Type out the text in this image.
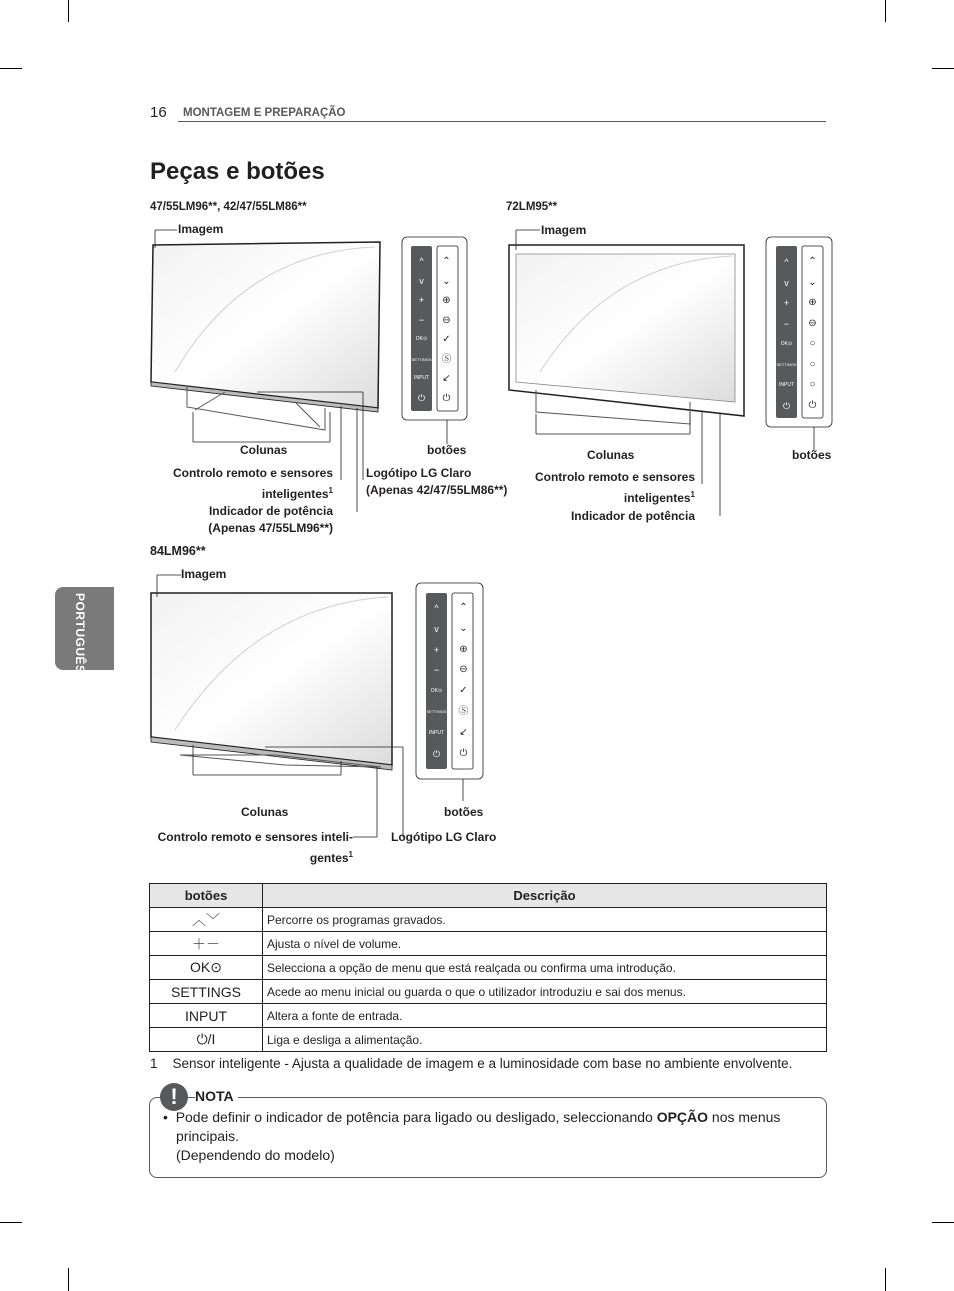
16 MONTAGEM E PREPARAÇÃO
Peças e botões
PORTUGUÊS
47/55LM96**, 42/47/55LM86**
Imagem
Colunas	botões
Controlo remoto e sensores
inteligentes$^1$
Indicador de potência
(Apenas 47/55LM96**)
Logótipo LG Claro
(Apenas 42/47/55LM86**)
^
v
+
−
OK⊙
SETTINGS
INPUT
⏻
⌃
⌄
⊕
⊖
✓
Ⓢ
↙
⏻
72LM95**
Imagem
Colunas	botões
Controlo remoto e sensores
inteligentes$^1$
Indicador de potência
^
v
+
−
OK⊙
SETTINGS
INPUT
⏻
⌃
⌄
⊕
⊖
○
○
○
⏻
84LM96**
Imagem
Colunas	botões
Controlo remoto e sensores inteli-
gentes$^1$
Logótipo LG Claro
^
v
+
−
OK⊙
SETTINGS
INPUT
⏻
⌃
⌄
⊕
⊖
✓
Ⓢ
↙
⏻
botões	Descrição
︿﹀	Percorre os programas gravados.
＋－	Ajusta o nível de volume.
OK⊙	Selecciona a opção de menu que está realçada ou confirma uma introdução.
SETTINGS	Acede ao menu inicial ou guarda o que o utilizador introduziu e sai dos menus.
INPUT	Altera a fonte de entrada.
⏻/I	Liga e desliga a alimentação.
1 Sensor inteligente - Ajusta a qualidade de imagem e a luminosidade com base no ambiente envolvente.
!	NOTA
•  Pode definir o indicador de potência para ligado ou desligado, seleccionando OPÇÃO nos menus principais.
(Dependendo do modelo)
